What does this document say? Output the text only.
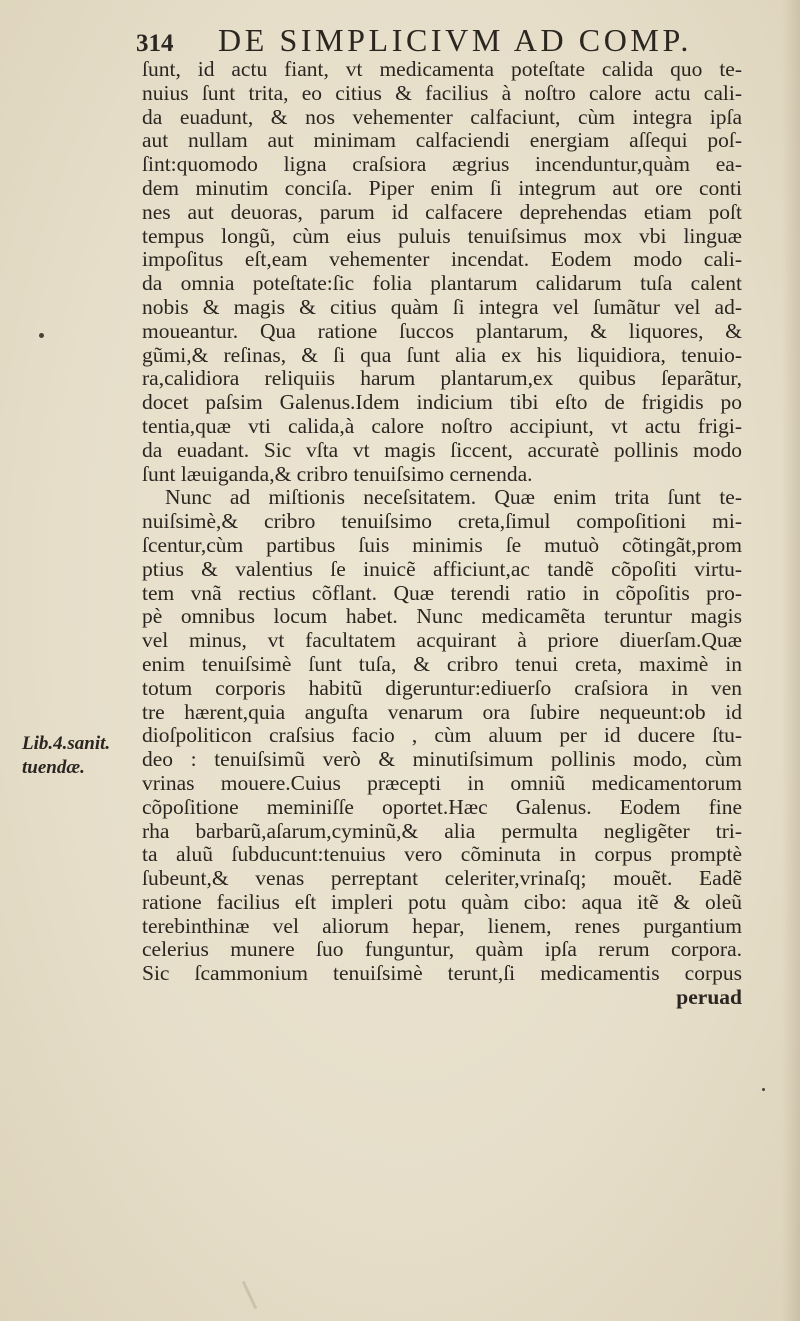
314	DE SIMPLICIVM AD COMP.
Lib.4.sanit.
tuendæ.
ſunt, id actu fiant, vt medicamenta poteſtate calida quo te-
nuius ſunt trita, eo citius & facilius à noſtro calore actu cali-
da euadunt, & nos vehementer calfaciunt, cùm integra ipſa
aut nullam aut minimam calfaciendi energiam aſſequi poſ-
ſint:quomodo ligna craſsiora ægrius incenduntur,quàm ea-
dem minutim conciſa. Piper enim ſi integrum aut ore conti
nes aut deuoras, parum id calfacere deprehendas etiam poſt
tempus longũ, cùm eius puluis tenuiſsimus mox vbi linguæ
impoſitus eſt,eam vehementer incendat. Eodem modo cali-
da omnia poteſtate:ſic folia plantarum calidarum tuſa calent
nobis & magis & citius quàm ſi integra vel ſumãtur vel ad-
moueantur. Qua ratione ſuccos plantarum, & liquores, &
gũmi,& reſinas, & ſi qua ſunt alia ex his liquidiora, tenuio-
ra,calidiora reliquiis harum plantarum,ex quibus ſeparãtur,
docet paſsim Galenus.Idem indicium tibi eſto de frigidis po
tentia,quæ vti calida,à calore noſtro accipiunt, vt actu frigi-
da euadant. Sic vſta vt magis ſiccent, accuratè pollinis modo
ſunt læuiganda,& cribro tenuiſsimo cernenda.
Nunc ad miſtionis neceſsitatem. Quæ enim trita ſunt te-
nuiſsimè,& cribro tenuiſsimo creta,ſimul compoſitioni mi-
ſcentur,cùm partibus ſuis minimis ſe mutuò cõtingãt,prom
ptius & valentius ſe inuicẽ afficiunt,ac tandẽ cõpoſiti virtu-
tem vnã rectius cõflant. Quæ terendi ratio in cõpoſitis pro-
pè omnibus locum habet. Nunc medicamẽta teruntur magis
vel minus, vt facultatem acquirant à priore diuerſam.Quæ
enim tenuiſsimè ſunt tuſa, & cribro tenui creta, maximè in
totum corporis habitũ digeruntur:ediuerſo craſsiora in ven
tre hærent,quia anguſta venarum ora ſubire nequeunt:ob id
dioſpoliticon craſsius facio , cùm aluum per id ducere ſtu-
deo : tenuiſsimũ verò & minutiſsimum pollinis modo, cùm
vrinas mouere.Cuius præcepti in omniũ medicamentorum
cõpoſitione meminiſſe oportet.Hæc Galenus. Eodem fine
rha barbarũ,aſarum,cyminũ,& alia permulta negligẽter tri-
ta aluũ ſubducunt:tenuius vero cõminuta in corpus promptè
ſubeunt,& venas perreptant celeriter,vrinaſq; mouẽt. Eadẽ
ratione facilius eſt impleri potu quàm cibo: aqua itẽ & oleũ
terebinthinæ vel aliorum hepar, lienem, renes purgantium
celerius munere ſuo funguntur, quàm ipſa rerum corpora.
Sic ſcammonium tenuiſsimè terunt,ſi medicamentis corpus
peruad
